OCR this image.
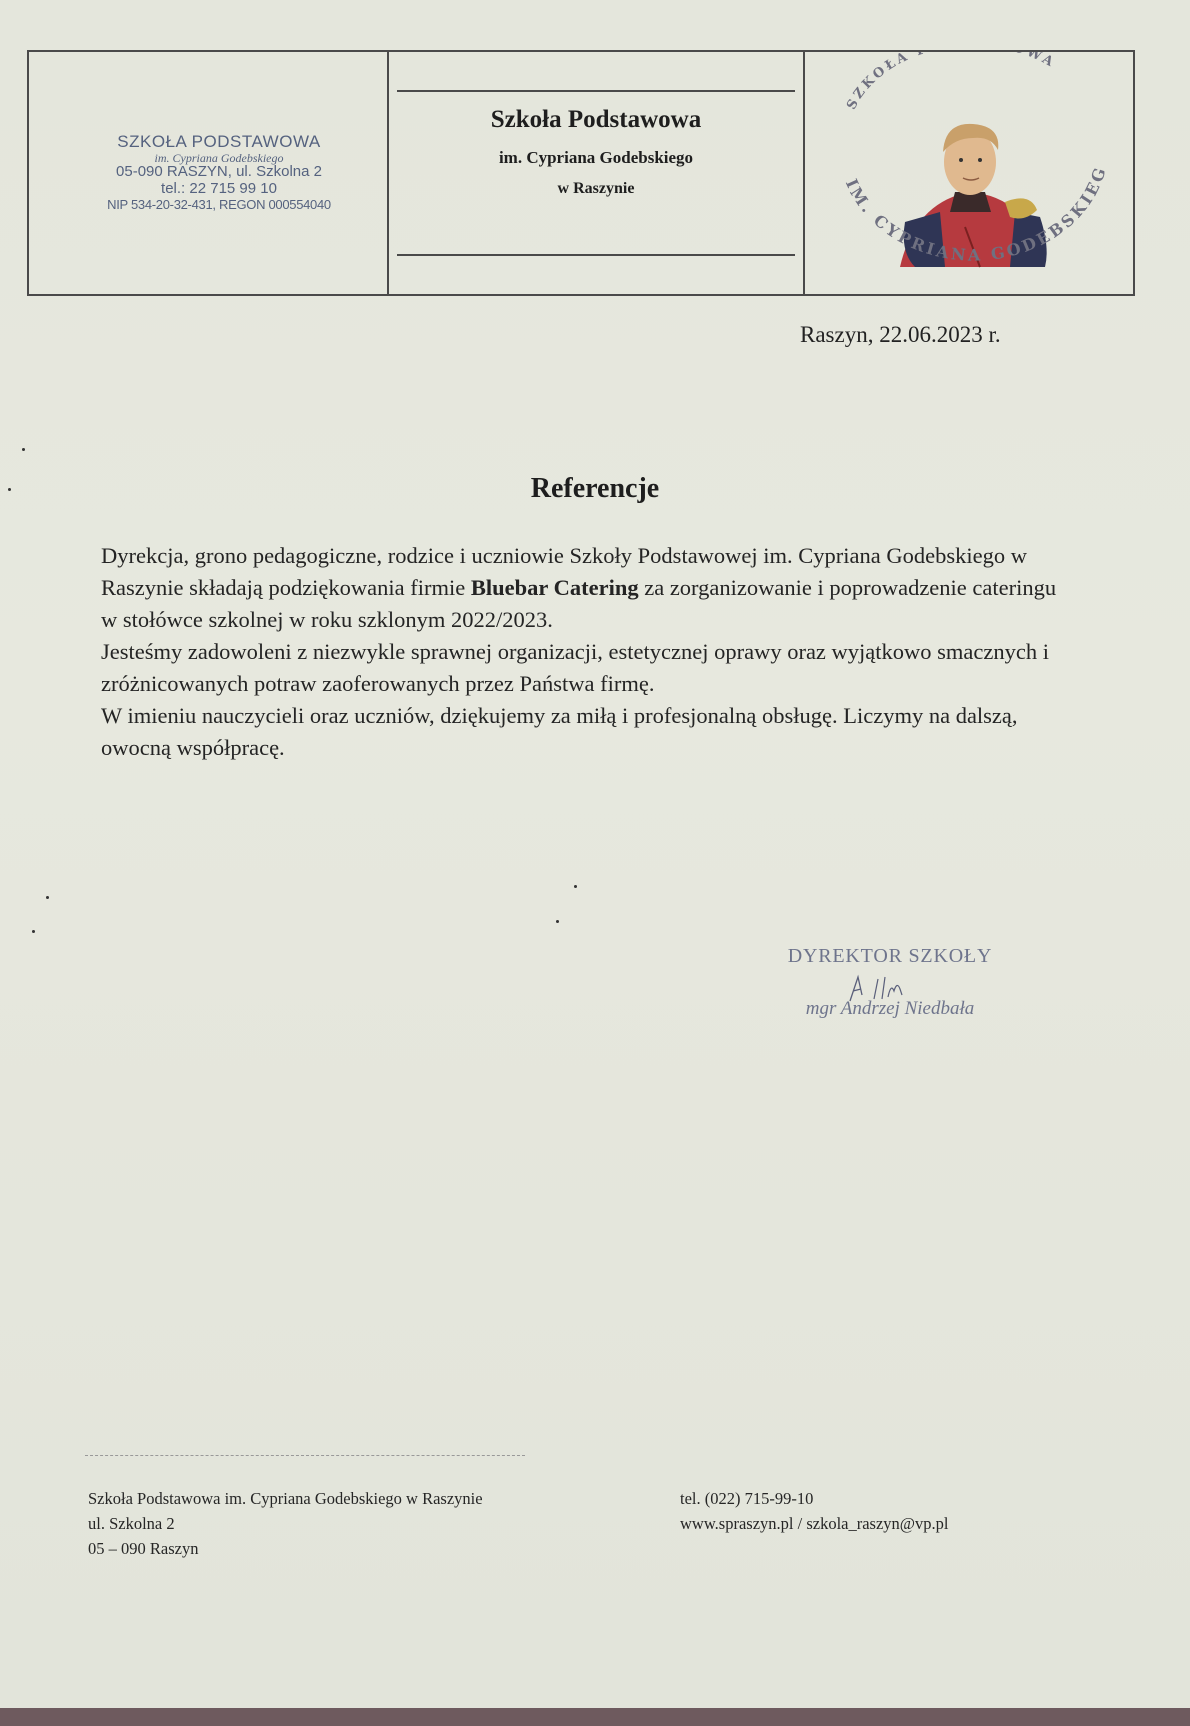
SZKOŁA PODSTAWOWA
im. Cypriana Godebskiego
05-090 RASZYN, ul. Szkolna 2
tel.: 22 715 99 10
NIP 534-20-32-431, REGON 000554040
Szkoła Podstawowa
im. Cypriana Godebskiego
w Raszynie
SZKOŁA WA
IM. CYPRIANA GODEBSKIEG
Raszyn, 22.06.2023 r.
Referencje

Dyrekcja, grono pedagogiczne, rodzice i uczniowie Szkoły Podstawowej im. Cypriana Godebskiego w Raszynie składają podziękowania firmie Bluebar Catering za zorganizowanie i poprowadzenie cateringu w stołówce szkolnej w roku szklonym 2022/2023.

Jesteśmy zadowoleni z niezwykle sprawnej organizacji, estetycznej oprawy oraz wyjątkowo smacznych i zróżnicowanych potraw zaoferowanych przez Państwa firmę.

W imieniu nauczycieli oraz uczniów, dziękujemy za miłą i profesjonalną obsługę. Liczymy na dalszą, owocną współpracę.

DYREKTOR SZKOŁY
mgr Andrzej Niedbała
Szkoła Podstawowa im. Cypriana Godebskiego w Raszynie
ul. Szkolna 2
05 – 090 Raszyn
tel. (022) 715-99-10
www.spraszyn.pl / szkola_raszyn@vp.pl
